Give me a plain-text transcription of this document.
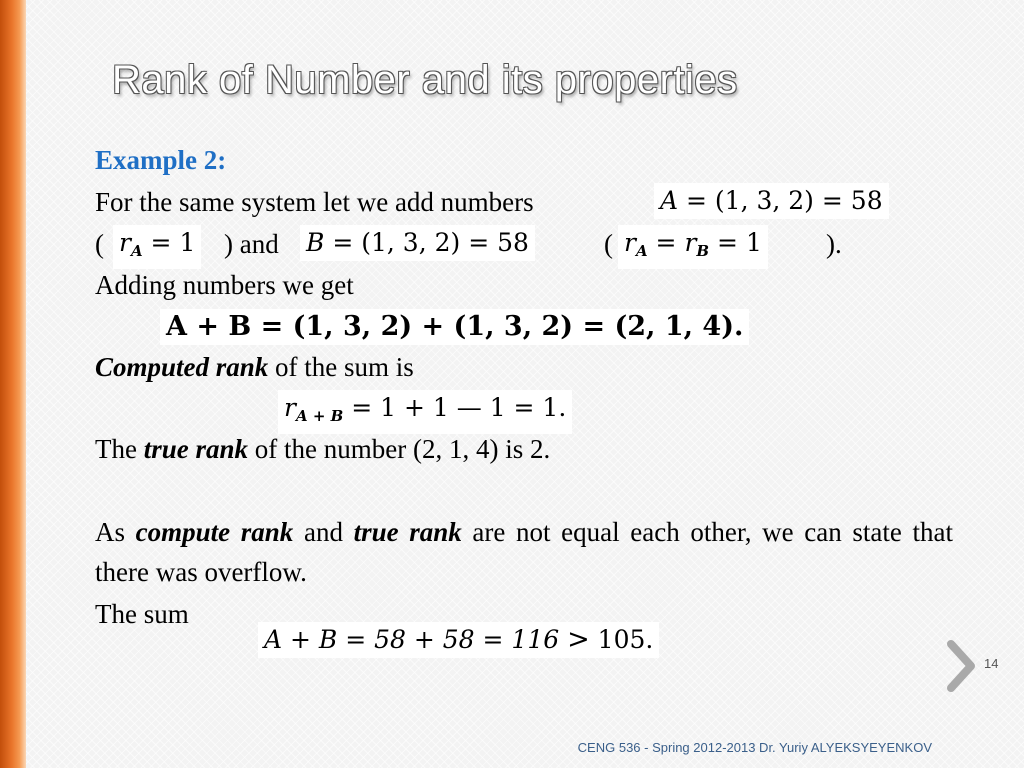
Rank of Number and its properties
Example 2:
For the same system let we add numbers	A = (1, 3, 2) = 58
( $r_A = 1$ ) and B = (1, 3, 2) = 58	( $r_A = r_B = 1$ ).
Adding numbers we get
A + B = (1, 3, 2) + (1, 3, 2) = (2, 1, 4).
Computed rank of the sum is
$r_{A + B} = 1 + 1$ — 1 = 1.
The true rank of the number (2, 1, 4) is 2.
As compute rank and true rank are not equal each other, we can state that there was overflow.
The sum
A + B = 58 + 58 = 116 > 105.
14
CENG 536 - Spring 2012-2013 Dr. Yuriy ALYEKSYEYENKOV
